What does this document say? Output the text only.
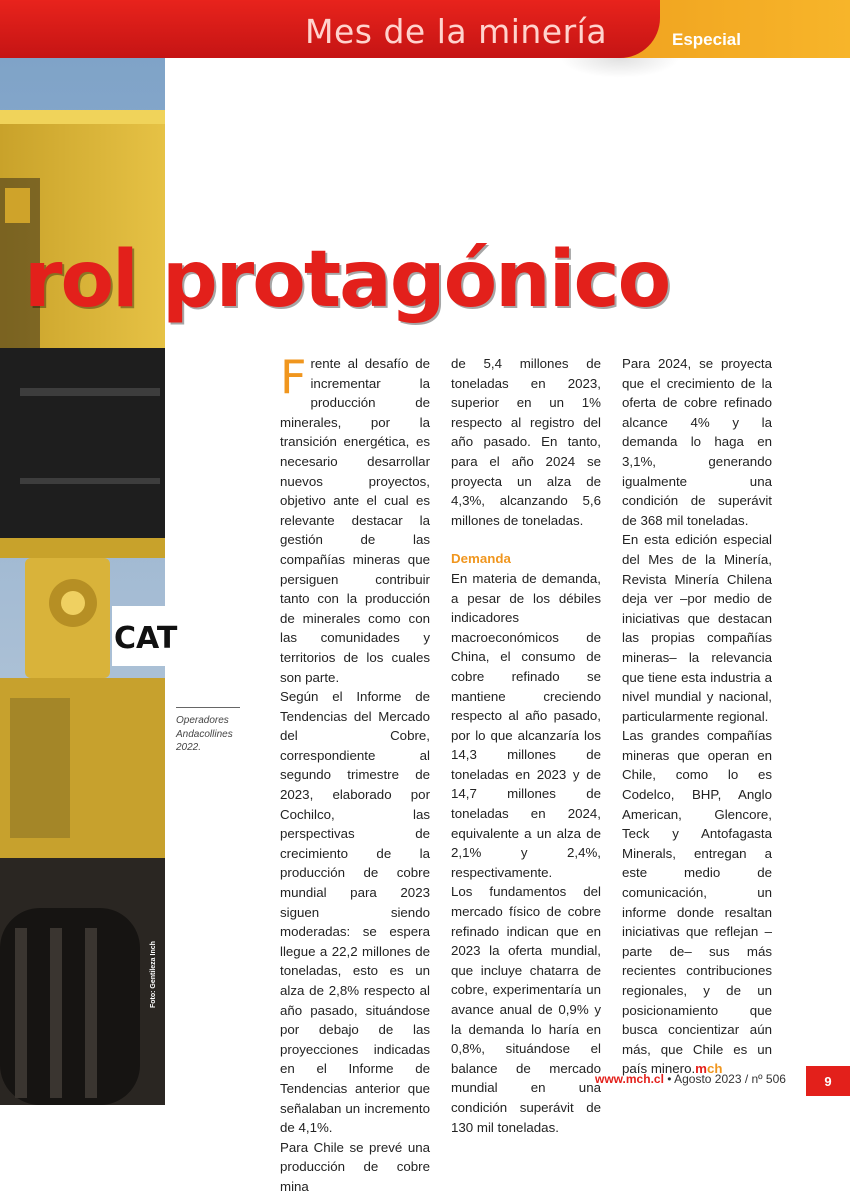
Mes de la minería	Especial
CAT
Foto: Gentileza Inch
Operadores Andacollines 2022.
rol protagónico

Frente al desafío de incrementar la producción de minerales, por la transición energética, es necesario desarrollar nuevos proyectos, objetivo ante el cual es relevante destacar la gestión de las compañías mineras que persiguen contribuir tanto con la producción de minerales como con las comunidades y territorios de los cuales son parte.

Según el Informe de Tendencias del Mercado del Cobre, correspondiente al segundo trimestre de 2023, elaborado por Cochilco, las perspectivas de crecimiento de la producción de cobre mundial para 2023 siguen siendo moderadas: se espera llegue a 22,2 millones de toneladas, esto es un alza de 2,8% respecto al año pasado, situándose por debajo de las proyecciones indicadas en el Informe de Tendencias anterior que señalaban un incremento de 4,1%.

Para Chile se prevé una producción de cobre mina

de 5,4 millones de toneladas en 2023, superior en un 1% respecto al registro del año pasado. En tanto, para el año 2024 se proyecta un alza de 4,3%, alcanzando 5,6 millones de toneladas.

Demanda

En materia de demanda, a pesar de los débiles indicadores macroeconómicos de China, el consumo de cobre refinado se mantiene creciendo respecto al año pasado, por lo que alcanzaría los 14,3 millones de toneladas en 2023 y de 14,7 millones de toneladas en 2024, equivalente a un alza de 2,1% y 2,4%, respectivamente.

Los fundamentos del mercado físico de cobre refinado indican que en 2023 la oferta mundial, que incluye chatarra de cobre, experimentaría un avance anual de 0,9% y la demanda lo haría en 0,8%, situándose el balance de mercado mundial en una condición superávit de 130 mil toneladas.

Para 2024, se proyecta que el crecimiento de la oferta de cobre refinado alcance 4% y la demanda lo haga en 3,1%, generando igualmente una condición de superávit de 368 mil toneladas.

En esta edición especial del Mes de la Minería, Revista Minería Chilena deja ver –por medio de iniciativas que destacan las propias compañías mineras– la relevancia que tiene esta industria a nivel mundial y nacional, particularmente regional.

Las grandes compañías mineras que operan en Chile, como lo es Codelco, BHP, Anglo American, Glencore, Teck y Antofagasta Minerals, entregan a este medio de comunicación, un informe donde resaltan iniciativas que reflejan –parte de– sus más recientes contribuciones regionales, y de un posicionamiento que busca concientizar aún más, que Chile es un país minero.mch

www.mch.cl • Agosto 2023 / nº 506	9
